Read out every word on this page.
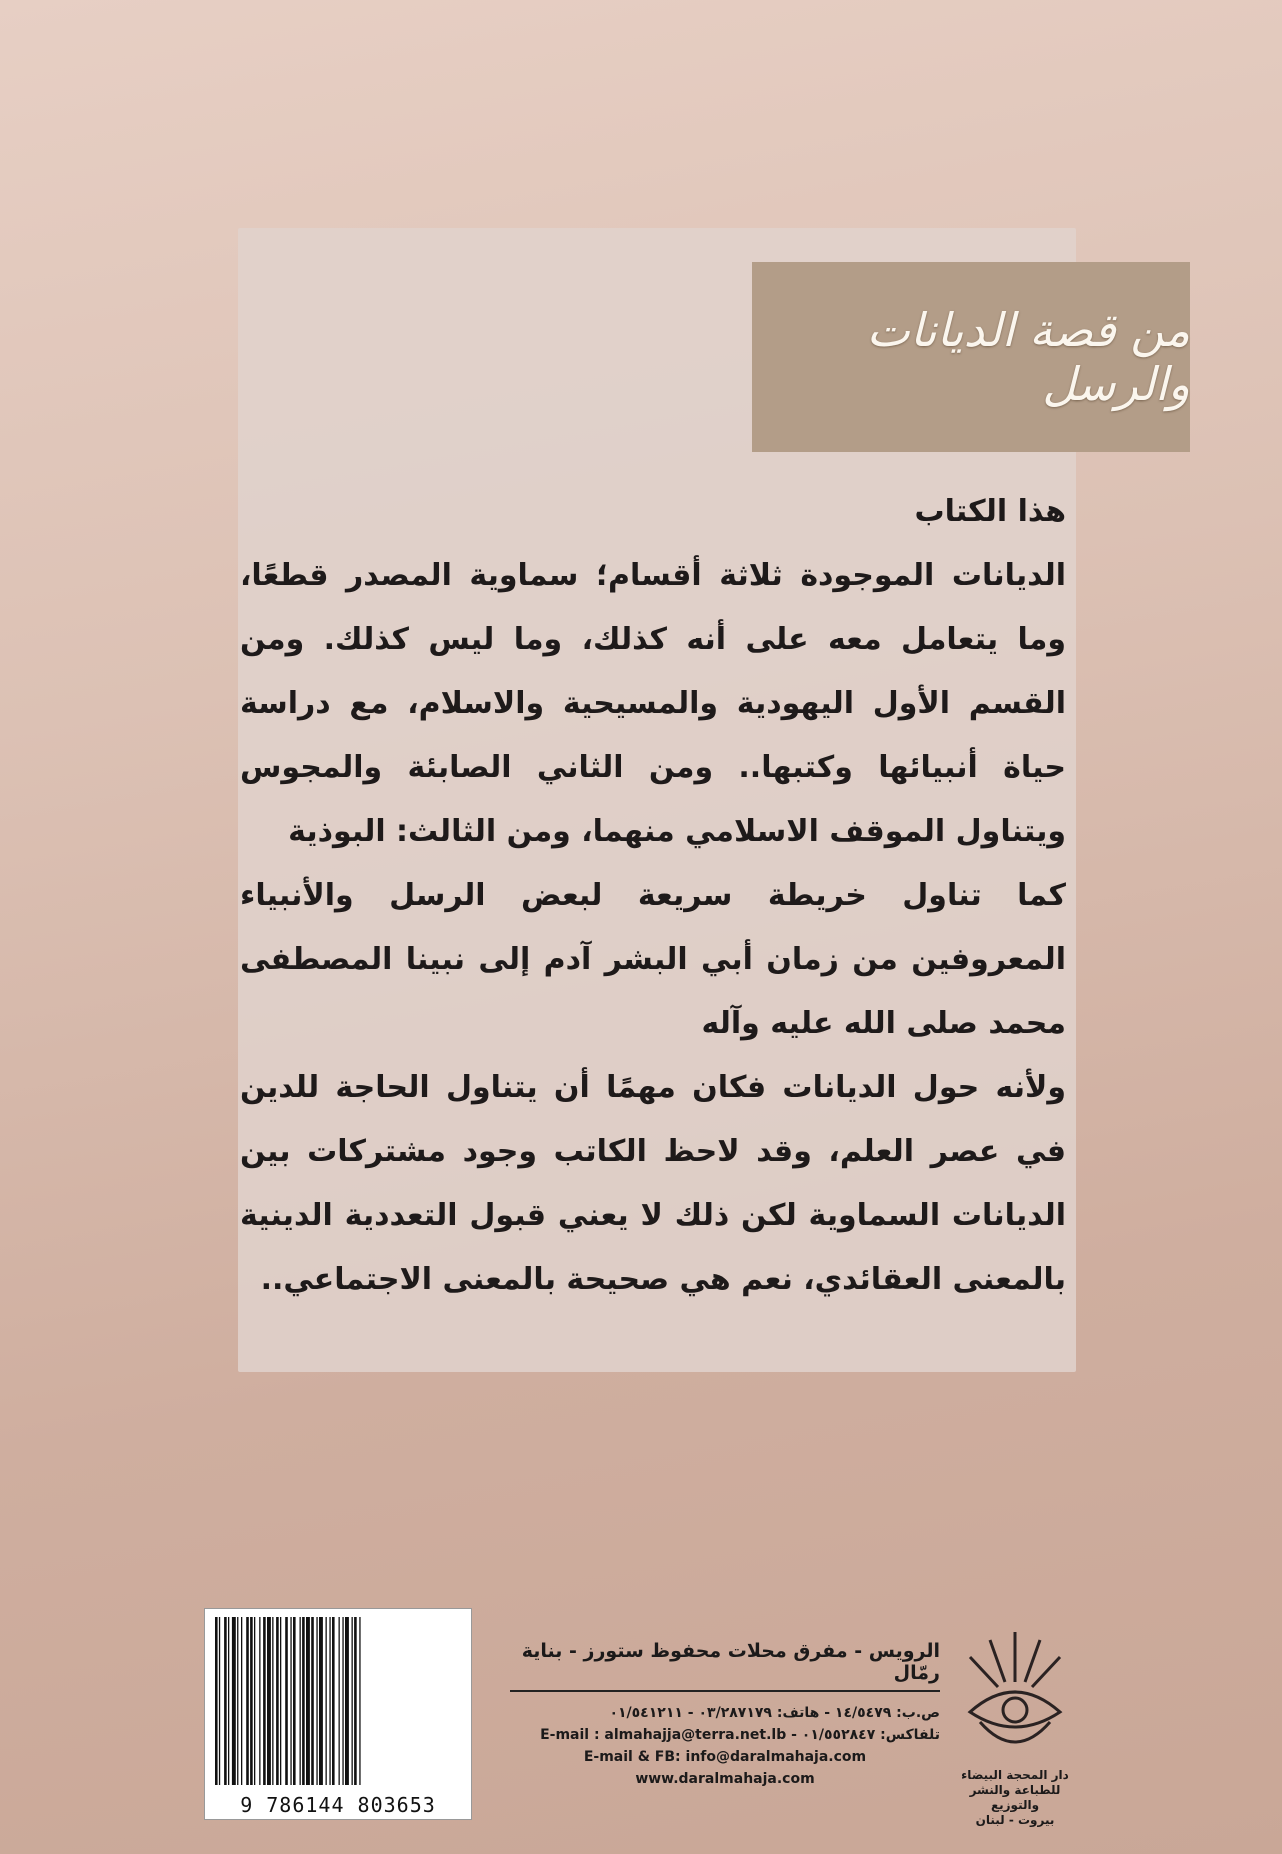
من قصة الديانات والرسل

هذا الكتاب

الديانات الموجودة ثلاثة أقسام؛ سماوية المصدر قطعًا، وما يتعامل معه على أنه كذلك، وما ليس كذلك. ومن القسم الأول اليهودية والمسيحية والاسلام، مع دراسة حياة أنبيائها وكتبها.. ومن الثاني الصابئة والمجوس ويتناول الموقف الاسلامي منهما، ومن الثالث: البوذية

كما تناول خريطة سريعة لبعض الرسل والأنبياء المعروفين من زمان أبي البشر آدم إلى نبينا المصطفى محمد صلى الله عليه وآله

ولأنه حول الديانات فكان مهمًا أن يتناول الحاجة للدين في عصر العلم، وقد لاحظ الكاتب وجود مشتركات بين الديانات السماوية لكن ذلك لا يعني قبول التعددية الدينية بالمعنى العقائدي، نعم هي صحيحة بالمعنى الاجتماعي..

9 786144 803653
الرويس - مفرق محلات محفوظ ستورز - بناية رمّال
ص.ب: ١٤/٥٤٧٩ - هاتف: ٠٣/٢٨٧١٧٩ - ٠١/٥٤١٢١١
تلفاكس: ٠١/٥٥٢٨٤٧ - E-mail : almahajja@terra.net.lb
E-mail & FB: info@daralmahaja.com
www.daralmahaja.com	دار المحجة البيضاء
للطباعة والنشر والتوزيع
بيروت - لبنان
